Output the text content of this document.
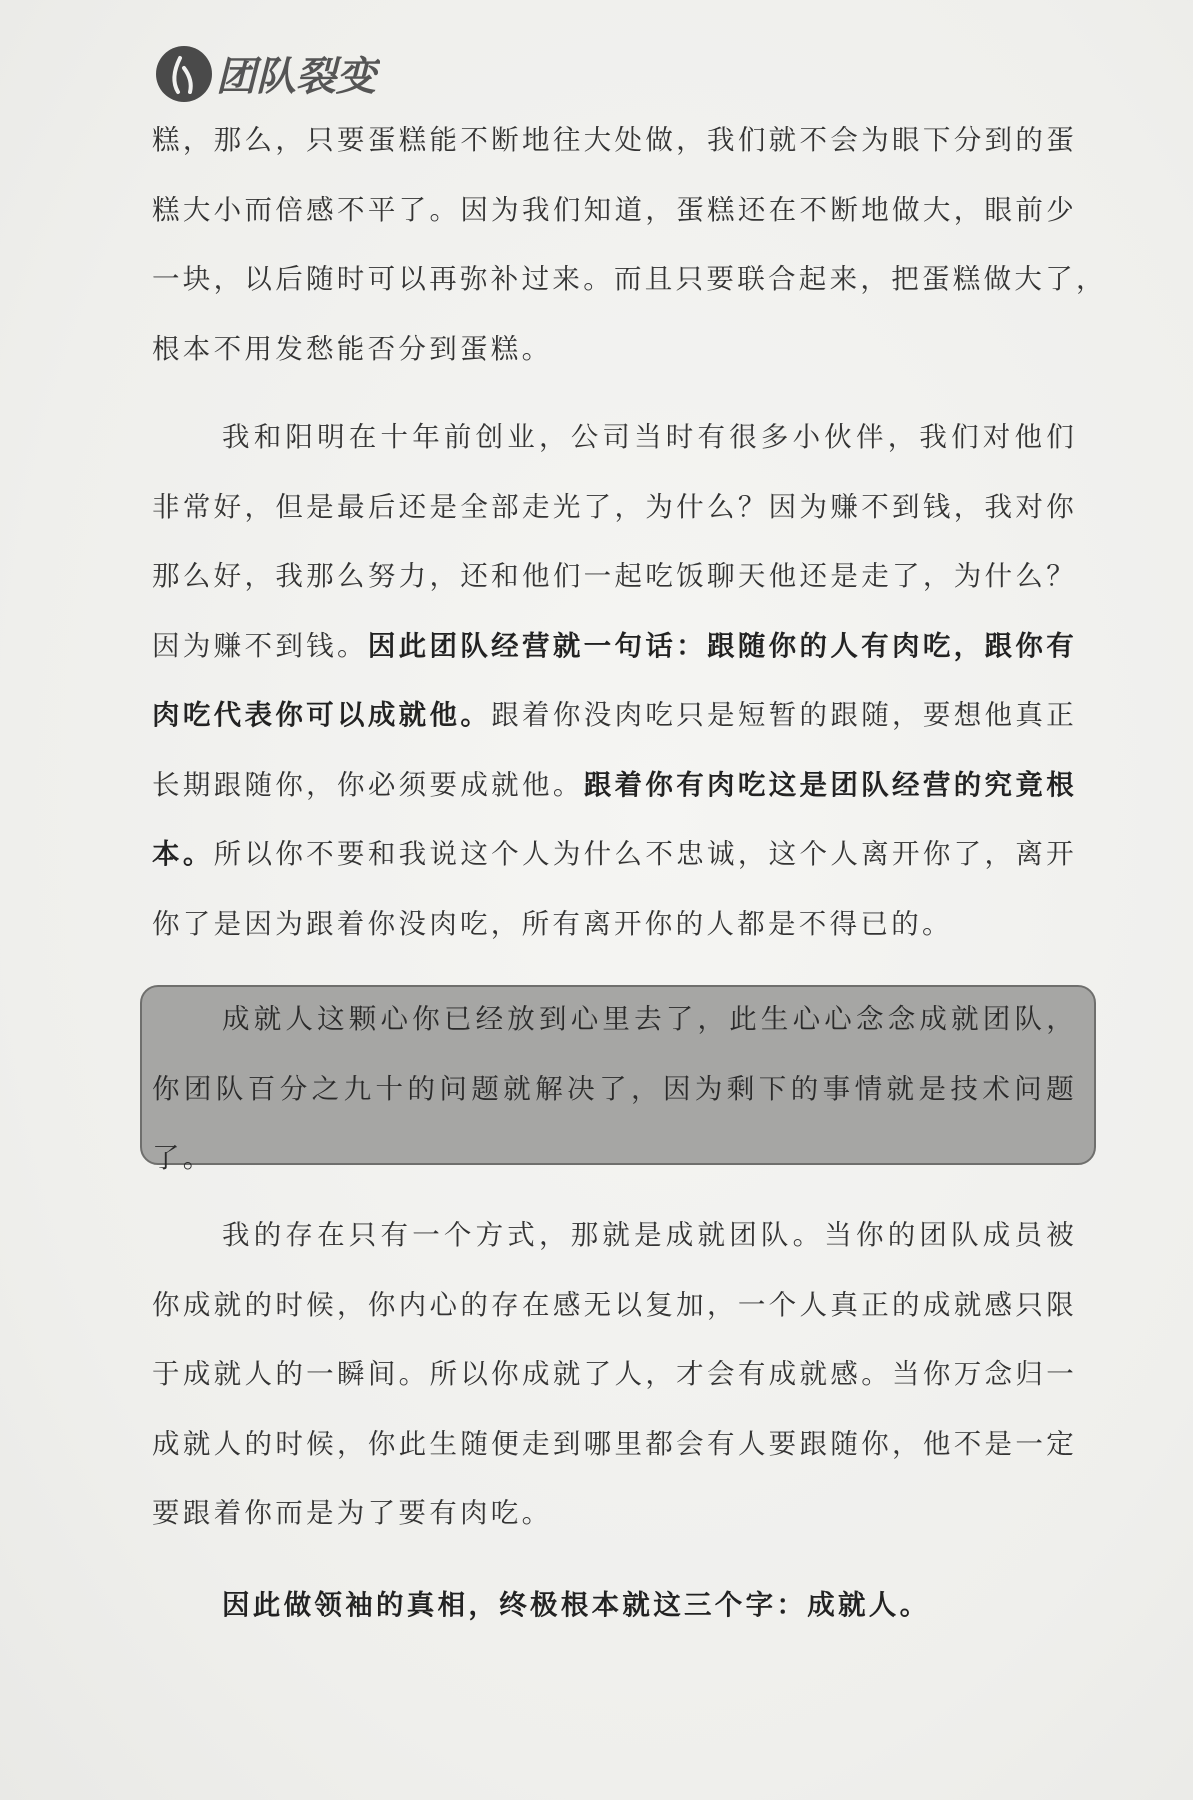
团队裂变
糕，那么，只要蛋糕能不断地往大处做，我们就不会为眼下分到的蛋
糕大小而倍感不平了。因为我们知道，蛋糕还在不断地做大，眼前少
一块，以后随时可以再弥补过来。而且只要联合起来，把蛋糕做大了，
根本不用发愁能否分到蛋糕。
我和阳明在十年前创业，公司当时有很多小伙伴，我们对他们
非常好，但是最后还是全部走光了，为什么？因为赚不到钱，我对你
那么好，我那么努力，还和他们一起吃饭聊天他还是走了，为什么？
因为赚不到钱。因此团队经营就一句话：跟随你的人有肉吃，跟你有
肉吃代表你可以成就他。跟着你没肉吃只是短暂的跟随，要想他真正
长期跟随你，你必须要成就他。跟着你有肉吃这是团队经营的究竟根
本。所以你不要和我说这个人为什么不忠诚，这个人离开你了，离开
你了是因为跟着你没肉吃，所有离开你的人都是不得已的。
成就人这颗心你已经放到心里去了，此生心心念念成就团队，
你团队百分之九十的问题就解决了，因为剩下的事情就是技术问题
了。
我的存在只有一个方式，那就是成就团队。当你的团队成员被
你成就的时候，你内心的存在感无以复加，一个人真正的成就感只限
于成就人的一瞬间。所以你成就了人，才会有成就感。当你万念归一
成就人的时候，你此生随便走到哪里都会有人要跟随你，他不是一定
要跟着你而是为了要有肉吃。
因此做领袖的真相，终极根本就这三个字：成就人。
